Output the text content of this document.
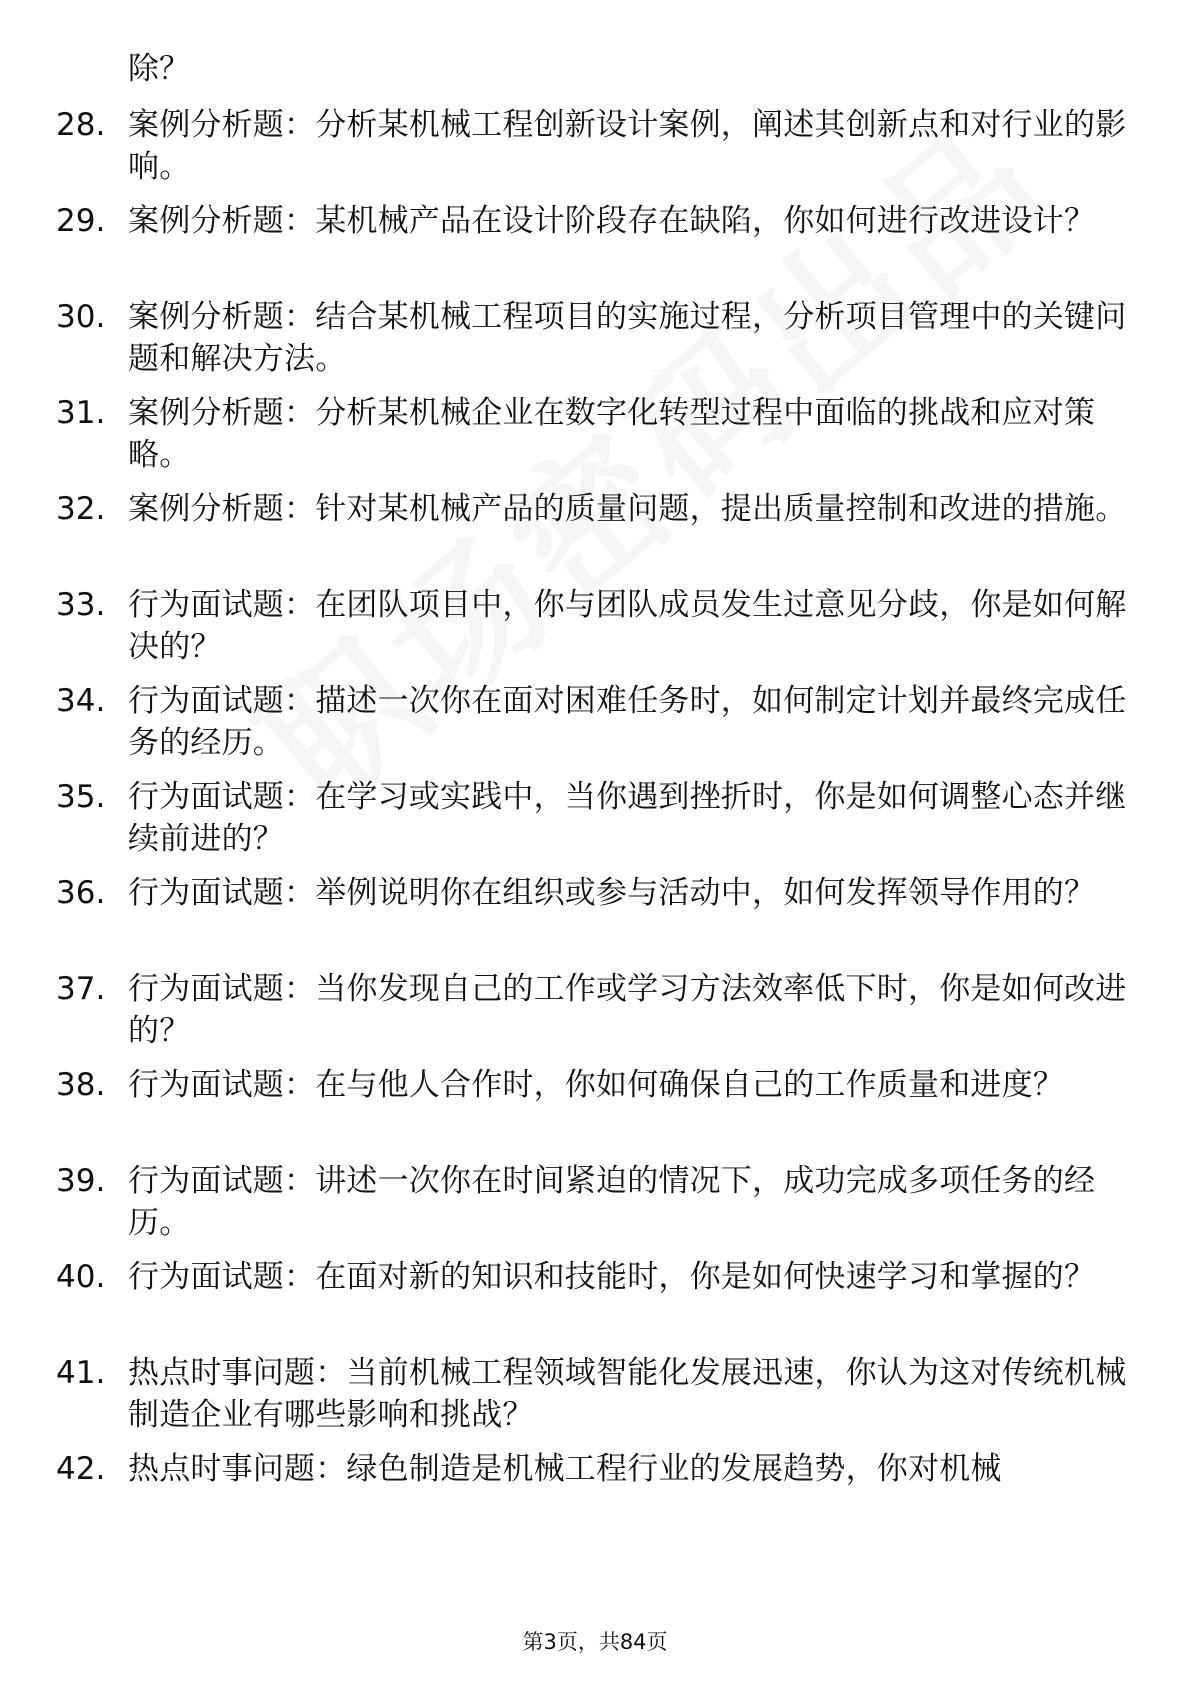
除？
28. 案例分析题：分析某机械工程创新设计案例，阐述其创新点和对行业的影响。
29. 案例分析题：某机械产品在设计阶段存在缺陷，你如何进行改进设计？
30. 案例分析题：结合某机械工程项目的实施过程，分析项目管理中的关键问题和解决方法。
31. 案例分析题：分析某机械企业在数字化转型过程中面临的挑战和应对策略。
32. 案例分析题：针对某机械产品的质量问题，提出质量控制和改进的措施。
33. 行为面试题：在团队项目中，你与团队成员发生过意见分歧，你是如何解决的？
34. 行为面试题：描述一次你在面对困难任务时，如何制定计划并最终完成任务的经历。
35. 行为面试题：在学习或实践中，当你遇到挫折时，你是如何调整心态并继续前进的？
36. 行为面试题：举例说明你在组织或参与活动中，如何发挥领导作用的？
37. 行为面试题：当你发现自己的工作或学习方法效率低下时，你是如何改进的？
38. 行为面试题：在与他人合作时，你如何确保自己的工作质量和进度？
39. 行为面试题：讲述一次你在时间紧迫的情况下，成功完成多项任务的经历。
40. 行为面试题：在面对新的知识和技能时，你是如何快速学习和掌握的？
41. 热点时事问题：当前机械工程领域智能化发展迅速，你认为这对传统机械制造企业有哪些影响和挑战？
42. 热点时事问题：绿色制造是机械工程行业的发展趋势，你对机械
第3页，共84页
